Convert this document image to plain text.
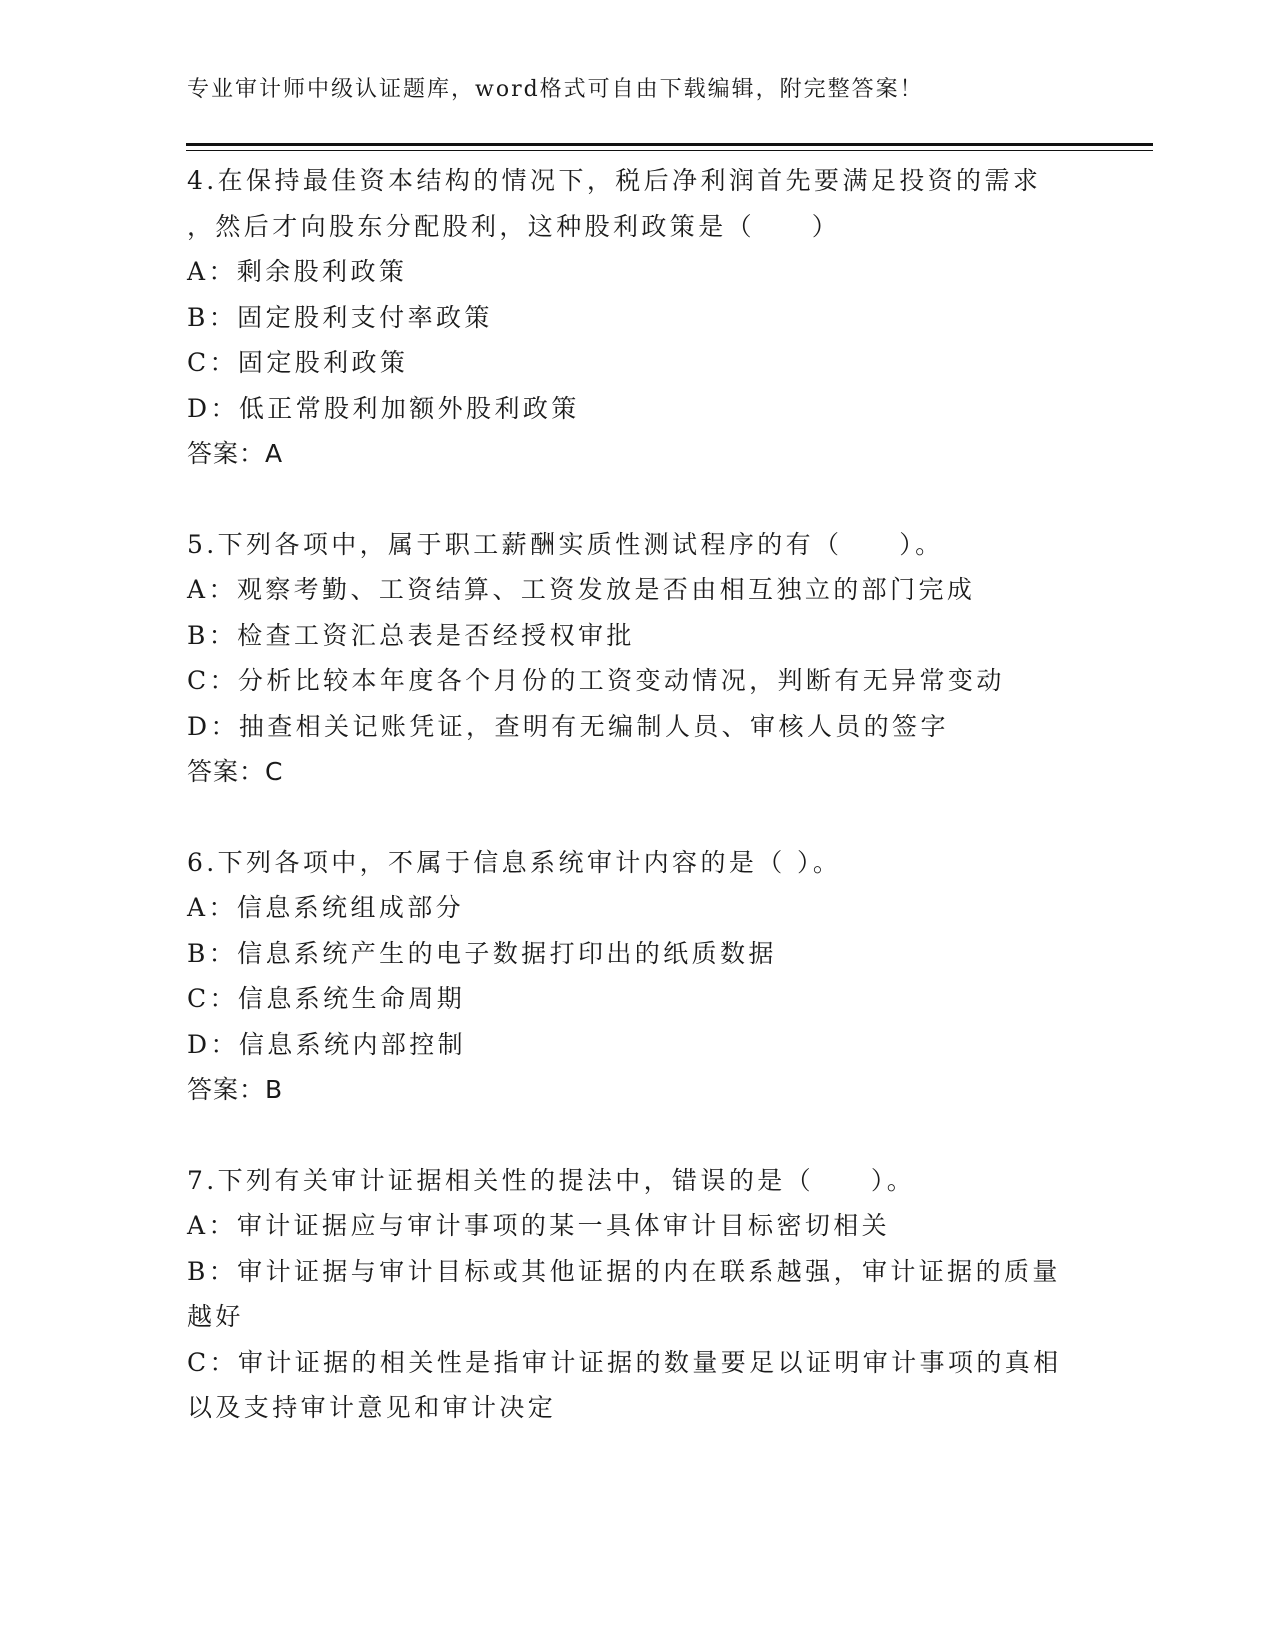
专业审计师中级认证题库，word格式可自由下载编辑，附完整答案！
4.在保持最佳资本结构的情况下，税后净利润首先要满足投资的需求
，然后才向股东分配股利，这种股利政策是（　　）
A：剩余股利政策
B：固定股利支付率政策
C：固定股利政策
D：低正常股利加额外股利政策
答案：A
5.下列各项中，属于职工薪酬实质性测试程序的有（　　）。
A：观察考勤、工资结算、工资发放是否由相互独立的部门完成
B：检查工资汇总表是否经授权审批
C：分析比较本年度各个月份的工资变动情况，判断有无异常变动
D：抽查相关记账凭证，查明有无编制人员、审核人员的签字
答案：C
6.下列各项中，不属于信息系统审计内容的是（ ）。
A：信息系统组成部分
B：信息系统产生的电子数据打印出的纸质数据
C：信息系统生命周期
D：信息系统内部控制
答案：B
7.下列有关审计证据相关性的提法中，错误的是（　　）。
A：审计证据应与审计事项的某一具体审计目标密切相关
B：审计证据与审计目标或其他证据的内在联系越强，审计证据的质量
越好
C：审计证据的相关性是指审计证据的数量要足以证明审计事项的真相
以及支持审计意见和审计决定
